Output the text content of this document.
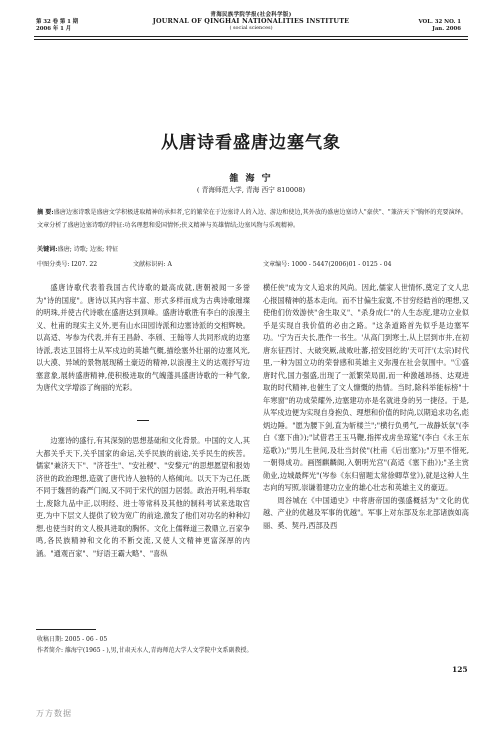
青海民族学院学报(社会科学版)
JOURNAL OF QINGHAI NATIONALITIES INSTITUTE
( social sciences)
第 32 卷 第 1 期
2006 年 1 月
VOL. 32 NO. 1
Jan. 2006
从唐诗看盛唐边塞气象
雒 海 宁
( 青海师范大学, 青海 西宁 810008)
摘 要:盛唐边塞诗歌是盛唐文学积极进取精神的承担者,它的繁荣在于边塞诗人的入边、游边和使边,其外放的盛唐边塞诗人"豪侠"、"兼济天下"胸怀的充要演绎。文章分析了盛唐边塞诗歌的特征:功名理想和爱国情怀;侠义精神与英雄情结;边塞风物与乐观精神。
关键词:盛唐; 诗歌; 边塞; 特征
中图分类号: I207. 22	文献标识码: A	文章编号: 1000 - 5447(2006)01 - 0125 - 04

盛唐诗歌代表着我国古代诗歌的最高成就,唐朝被闻一多誉为"诗的国度"。唐诗以其内容丰富、形式多样而成为古典诗歌璀璨的明珠,并使古代诗歌在盛唐达到顶峰。盛唐诗歌胜有李白的浪漫主义、杜甫的现实主义外,更有山水田园诗派和边塞诗派的交相辉映。以高适、岑参为代表,并有王昌龄、李颀、王翰等人共同形成的边塞诗派,表达卫国将士从军戍边的英雄气概,描绘塞外壮丽的边塞风光,以大漠、异域的景物展现稀土豪迈的精神,以浪漫主义的达观抒写边塞意象,展转盛唐精神,使积极进取的气魄蓬具盛唐诗歌的一种气象,为唐代文学增添了绚丽的光彩。

边塞诗的盛行,有其深刻的思想基础和文化背景。中国的文人,其大都关乎天下,关乎国家的命运,关乎民族的前途,关乎民生的疾苦。儒家"兼济天下"、"济苍生"、"安社稷"、"安黎元"的思想愿望和报効济世的政治理想,造就了唐代诗人独特的人格倾向。以天下为己任,既不同于魏晋的森严门阀,又不同于宋代的国力居弱。政治开明,科举取士,废除九品中正,以明经、进士等常科及其他的制科考试来选取官吏,为中下层文人提供了较为宽广的前途,激发了他们对功名的种种幻想,也使当时的文人极具进取的胸怀。文化上儒释道三教鼎立,百家争鸣,各民族精神和文化的不断交流,又使人文精神更富深厚的内涵。"通观百家"、"好语王霸大略"、"喜纵

横任侠"成为文人追求的风尚。因此,儒家人世情怀,奠定了文人忠心报国精神的基本走向。而不甘偏生寂寞,不甘穷经皓首的理想,又使他们仿效游侠"舍生取义"、"杀身成仁"的人生态度,建功立业似乎是实现自我价值的必由之路。"这条道路首先似乎是边塞军功。'宁为百夫长,胜作一书生。'从高门到寒士,从上层到市井,在初唐东征西讨、大破突厥,战败吐蕃,招安回纥的'天可汗'(太宗)时代里,一种为国立功的荣誉感和英雄主义弥漫在社会氛围中。"①盛唐时代,国力强盛,出现了一派繁荣局面,而一种激越昂扬、达观进取的时代精神,也催生了文人慷慨的热情。当时,除科举能标榜"十年寒窗"的功成荣耀外,边塞建功亦是名就进身的另一捷径。于是,从军戍边便为实现自身抱负、理想和价值的时尚,以期追求功名,彪炳边陲。"愿为腰下剑,直为斩楼兰";"横行负勇气,一战静妖氛"(李白《塞下曲》);"试借君王玉马鞭,指挥戎虏坐琼筵"(李白《永王东巡歌》);"男儿生世间,及壮当封侯"(杜甫《后出塞》);"万里不惜死,一朝得成功。画图麒麟阁,入朝明光宫"(高适《塞下曲》);"圣主赏勋业,边城最辉光"(岑参《东归留题太常徐卿草堂》),就是这种人生志向的写照,崇谦着建功立业的雄心壮志和英雄主义的豪迈。

周谷城在《中国通史》中将唐帝国的强盛概括为"文化的优越、产业的优越及军事的优越"。军事上对东部及东北部诸族如高丽、奚、契丹,西部及西

收稿日期: 2005 - 06 - 05
作者简介: 雒海宁(1965 - ),男,甘肃天水人,青海师范大学人文学院中文系副教授。
125
万方数据
